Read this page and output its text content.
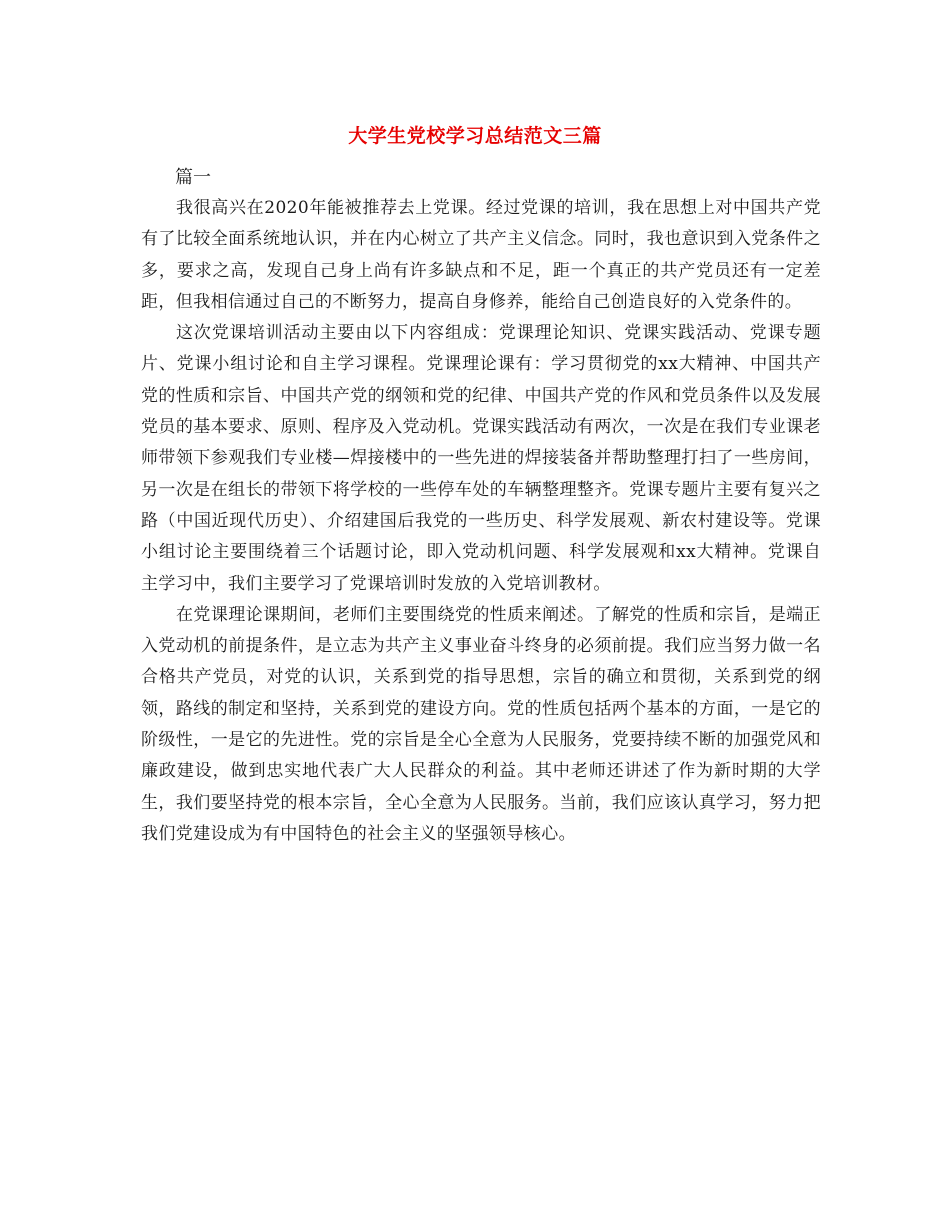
大学生党校学习总结范文三篇

篇一

我很高兴在2020年能被推荐去上党课。经过党课的培训，我在思想上对中国共产党有了比较全面系统地认识，并在内心树立了共产主义信念。同时，我也意识到入党条件之多，要求之高，发现自己身上尚有许多缺点和不足，距一个真正的共产党员还有一定差距，但我相信通过自己的不断努力，提高自身修养，能给自己创造良好的入党条件的。

这次党课培训活动主要由以下内容组成：党课理论知识、党课实践活动、党课专题片、党课小组讨论和自主学习课程。党课理论课有：学习贯彻党的xx大精神、中国共产党的性质和宗旨、中国共产党的纲领和党的纪律、中国共产党的作风和党员条件以及发展党员的基本要求、原则、程序及入党动机。党课实践活动有两次，一次是在我们专业课老师带领下参观我们专业楼—焊接楼中的一些先进的焊接装备并帮助整理打扫了一些房间，另一次是在组长的带领下将学校的一些停车处的车辆整理整齐。党课专题片主要有复兴之路（中国近现代历史）、介绍建国后我党的一些历史、科学发展观、新农村建设等。党课小组讨论主要围绕着三个话题讨论，即入党动机问题、科学发展观和xx大精神。党课自主学习中，我们主要学习了党课培训时发放的入党培训教材。

在党课理论课期间，老师们主要围绕党的性质来阐述。了解党的性质和宗旨，是端正入党动机的前提条件，是立志为共产主义事业奋斗终身的必须前提。我们应当努力做一名合格共产党员，对党的认识，关系到党的指导思想，宗旨的确立和贯彻，关系到党的纲领，路线的制定和坚持，关系到党的建设方向。党的性质包括两个基本的方面，一是它的阶级性，一是它的先进性。党的宗旨是全心全意为人民服务，党要持续不断的加强党风和廉政建设，做到忠实地代表广大人民群众的利益。其中老师还讲述了作为新时期的大学生，我们要坚持党的根本宗旨，全心全意为人民服务。当前，我们应该认真学习，努力把我们党建设成为有中国特色的社会主义的坚强领导核心。
